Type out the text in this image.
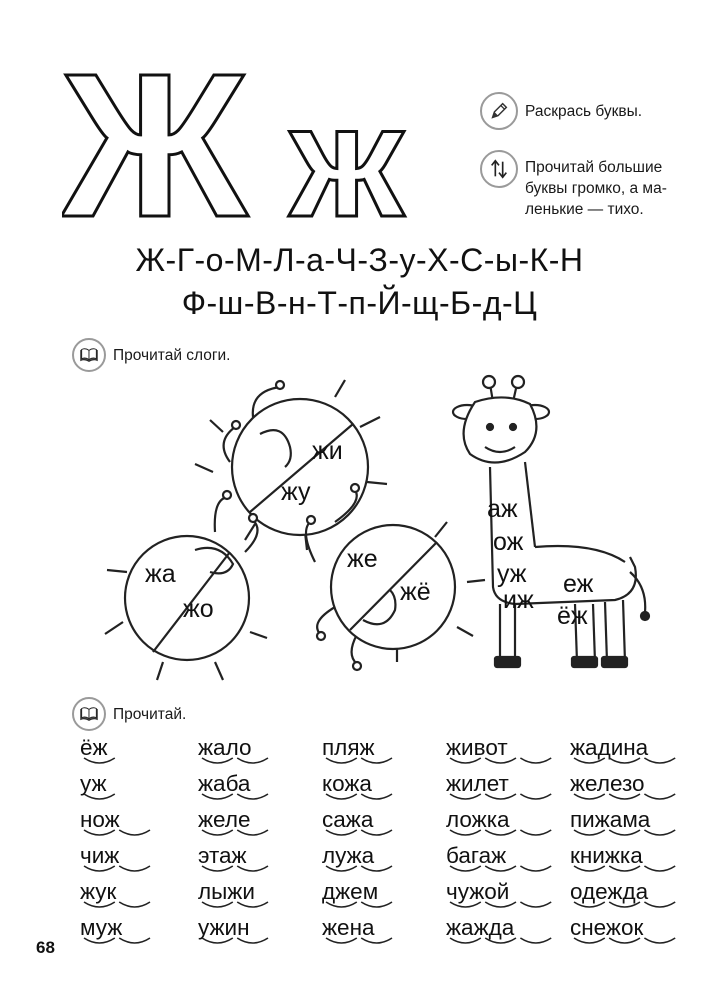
Ж ж	Раскрась буквы.
Прочитай большие
буквы громко, а ма-
ленькие — тихо.
Ж-Г-о-М-Л-а-Ч-З-у-Х-С-ы-К-Н
Ф-ш-В-н-Т-п-Й-щ-Б-д-Ц
Прочитай слоги.
жи
жу
жа
жо
же
жё
аж
ож
уж
иж
еж
ёж
Прочитай.
ёж	жало	пляж	живот	жадина
уж	жаба	кожа	жилет	железо
нож	желе	сажа	ложка	пижама
чиж	этаж	лужа	багаж	книжка
жук	лыжи	джем	чужой	одежда
муж	ужин	жена	жажда	снежок
68
